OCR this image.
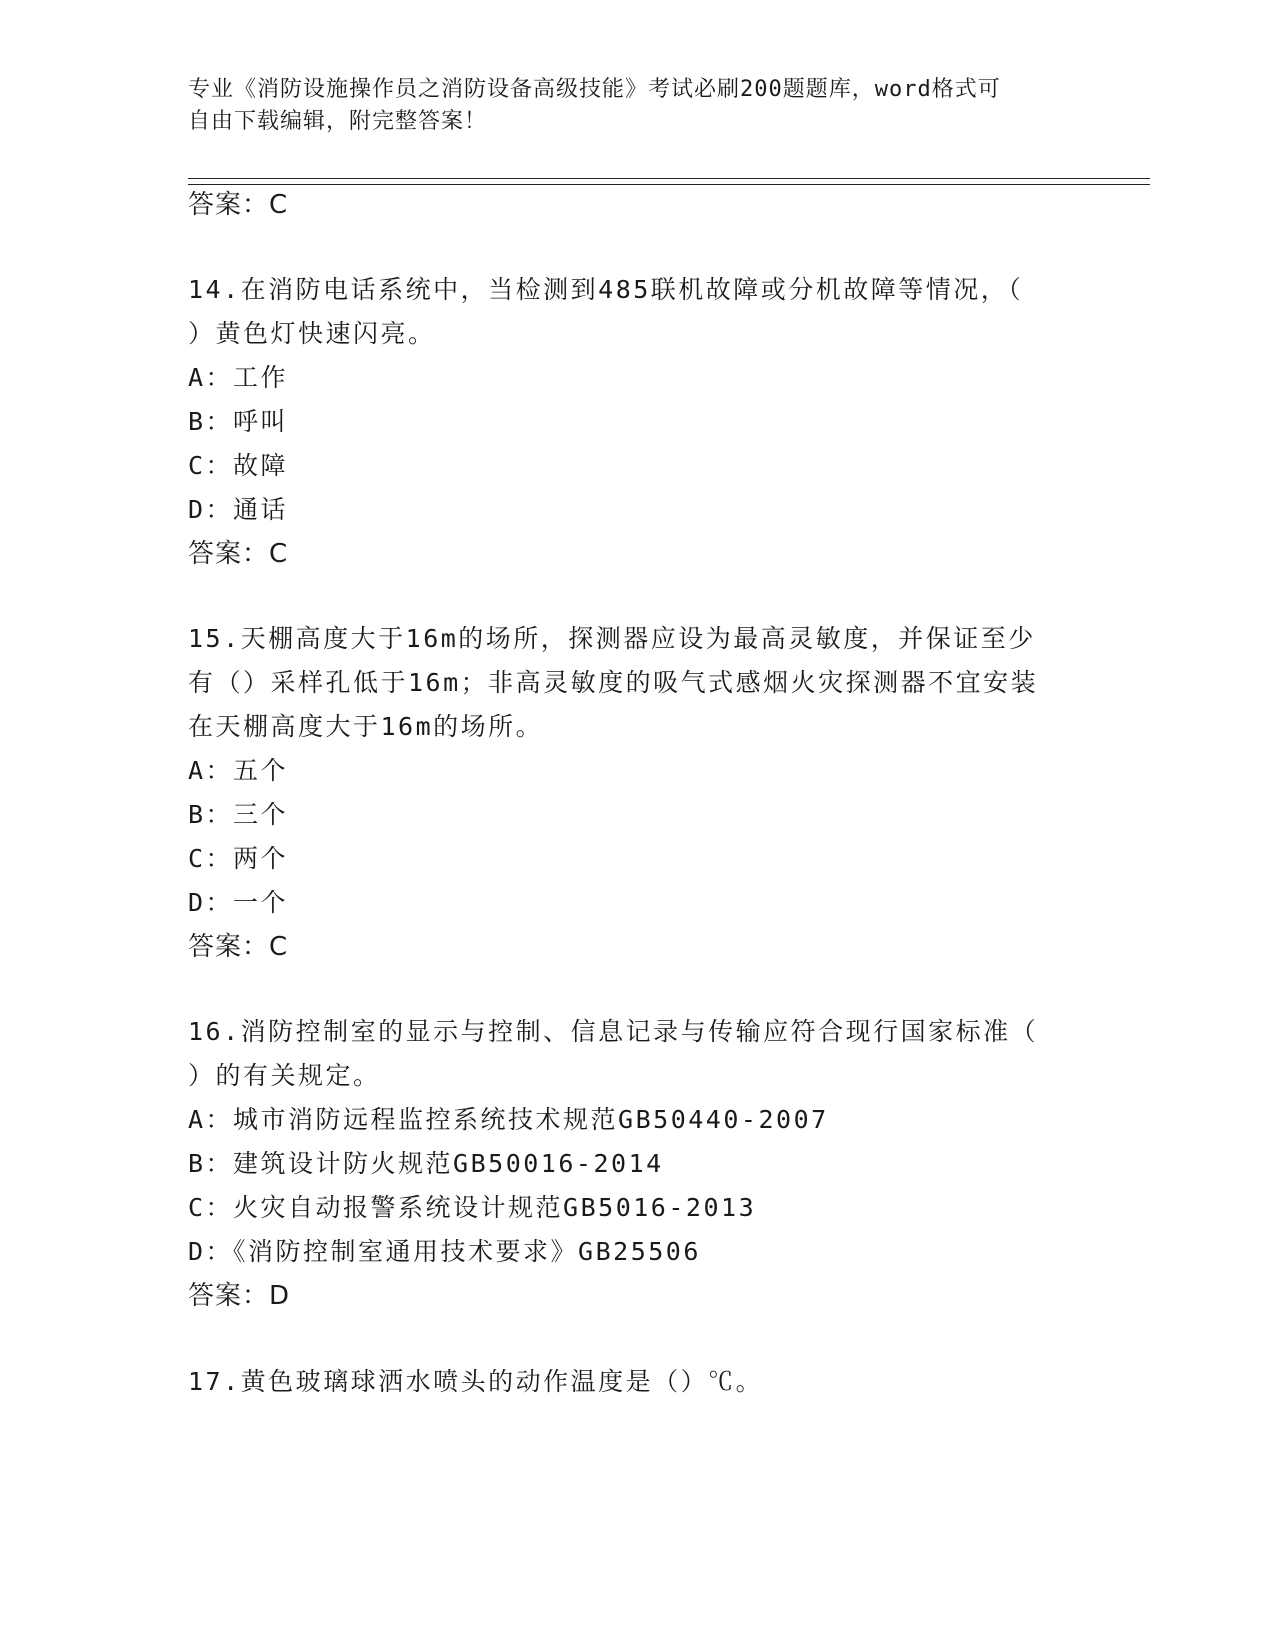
专业《消防设施操作员之消防设备高级技能》考试必刷200题题库，word格式可
自由下载编辑，附完整答案！

答案：C

14.在消防电话系统中，当检测到485联机故障或分机故障等情况，（

）黄色灯快速闪亮。

A：工作

B：呼叫

C：故障

D：通话

答案：C

15.天棚高度大于16m的场所，探测器应设为最高灵敏度，并保证至少

有（）采样孔低于16m；非高灵敏度的吸气式感烟火灾探测器不宜安装

在天棚高度大于16m的场所。

A：五个

B：三个

C：两个

D：一个

答案：C

16.消防控制室的显示与控制、信息记录与传输应符合现行国家标准（

）的有关规定。

A：城市消防远程监控系统技术规范GB50440-2007

B：建筑设计防火规范GB50016-2014

C：火灾自动报警系统设计规范GB5016-2013

D：《消防控制室通用技术要求》GB25506

答案：D

17.黄色玻璃球洒水喷头的动作温度是（）℃。
